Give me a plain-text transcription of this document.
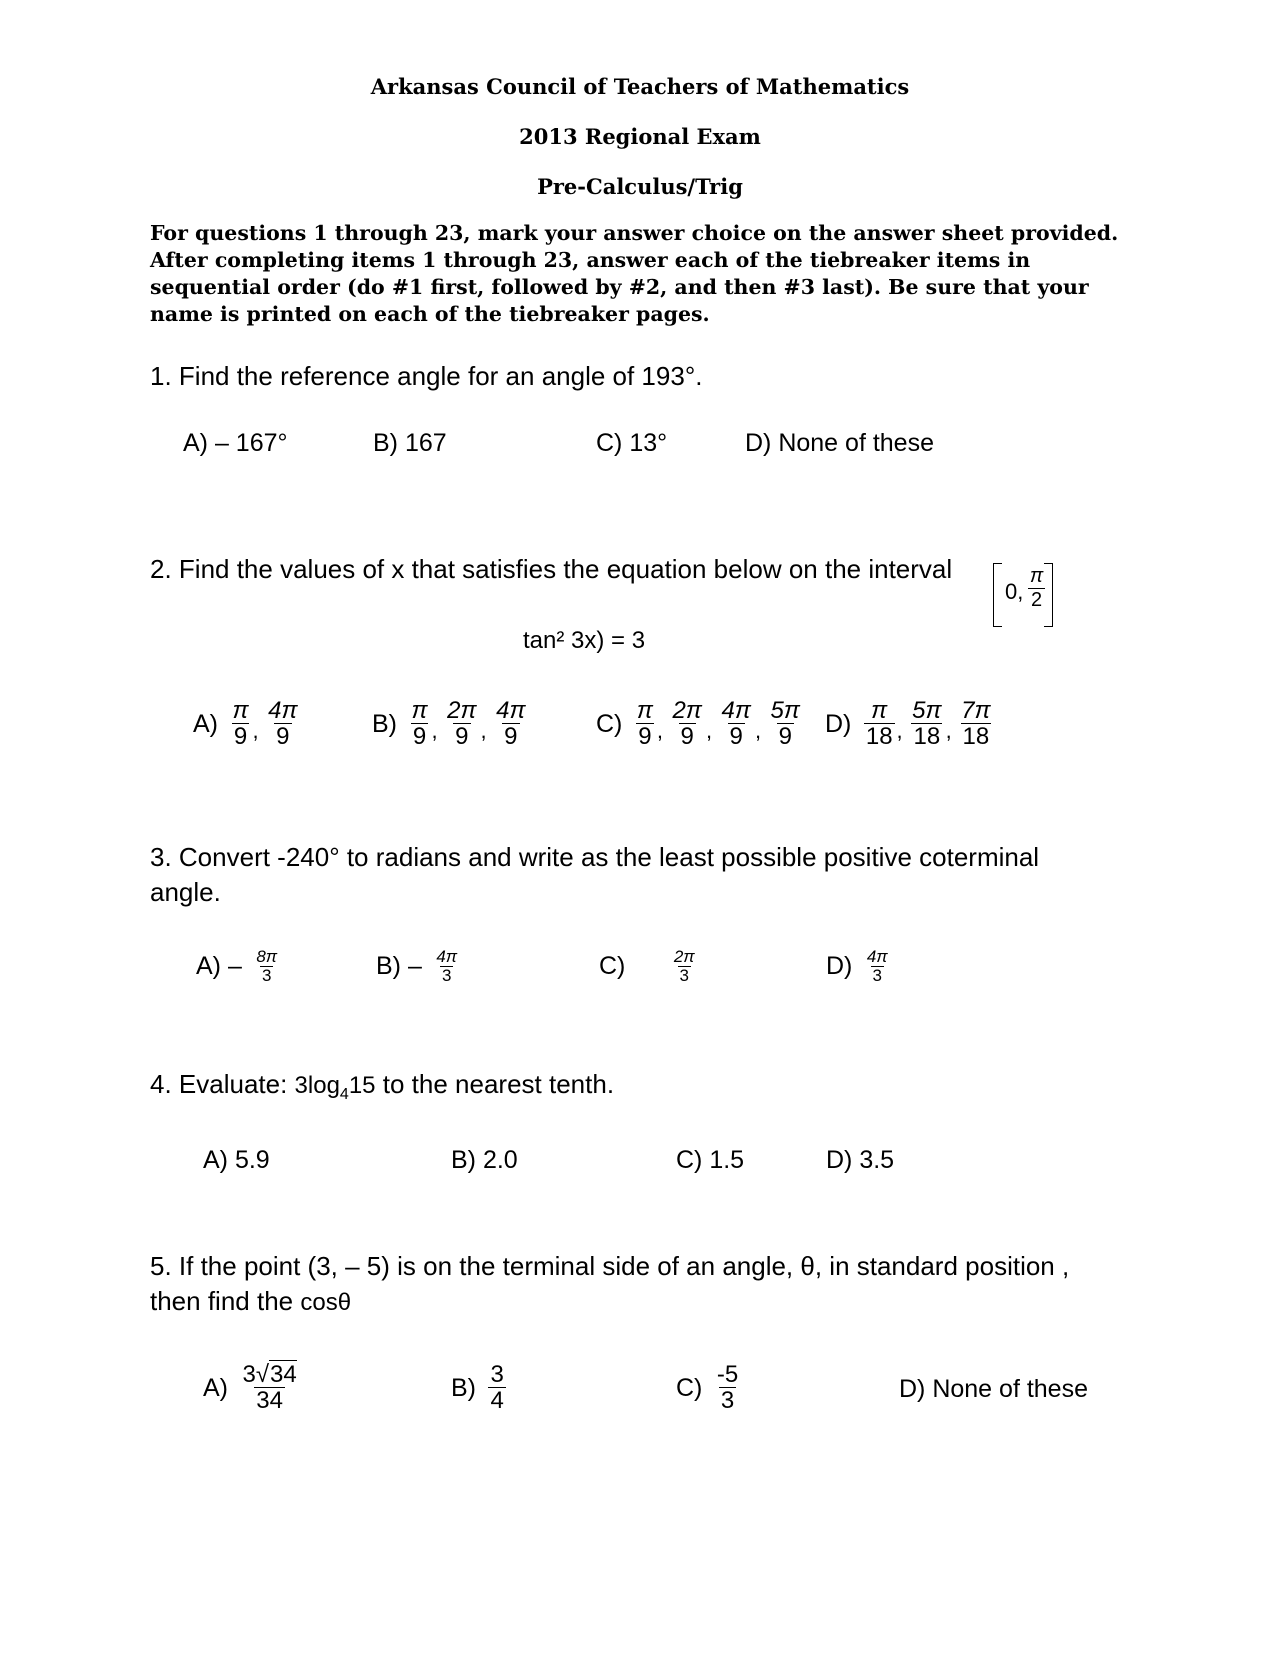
Arkansas Council of Teachers of Mathematics
2013 Regional Exam
Pre-Calculus/Trig
For questions 1 through 23, mark your answer choice on the answer sheet provided. After completing items 1 through 23, answer each of the tiebreaker items in sequential order (do #1 first, followed by #2, and then #3 last). Be sure that your name is printed on each of the tiebreaker pages.
1. Find the reference angle for an angle of 193°.
A) – 167°	B) 167	C) 13°	D) None of these
2. Find the values of x that satisfies the equation below on the interval
0,
π
2
tan² 3x) = 3
$A) \frac{\pi}{9}$ , $\frac{4\pi}{9}$	$B) \frac{\pi}{9}$ , $\frac{2\pi}{9}$ , $\frac{4\pi}{9}$	$C) \frac{\pi}{9}$ , $\frac{2\pi}{9}$ , $\frac{4\pi}{9}$ , $\frac{5\pi}{9} D) \frac{\pi}{18}$ , $\frac{5\pi}{18}$ , $\frac{7\pi}{18}$
3. Convert -240° to radians and write as the least possible positive coterminal
angle.
$A) - \frac{8\pi}{3}$	$B) - \frac{4\pi}{3}$	C)	$\frac{2\pi}{3}$	$D) \frac{4\pi}{3}$
4. Evaluate: $3\log_415$ to the nearest tenth.
A) 5.9	B) 2.0	C) 1.5	D) 3.5
5. If the point (3, – 5) is on the terminal side of an angle, θ, in standard position ,
then find the cosθ
$A) \frac{3√34}{34}$	$B) \frac{3}{4}$	$C) \frac{-5}{3}$	D) None of these
